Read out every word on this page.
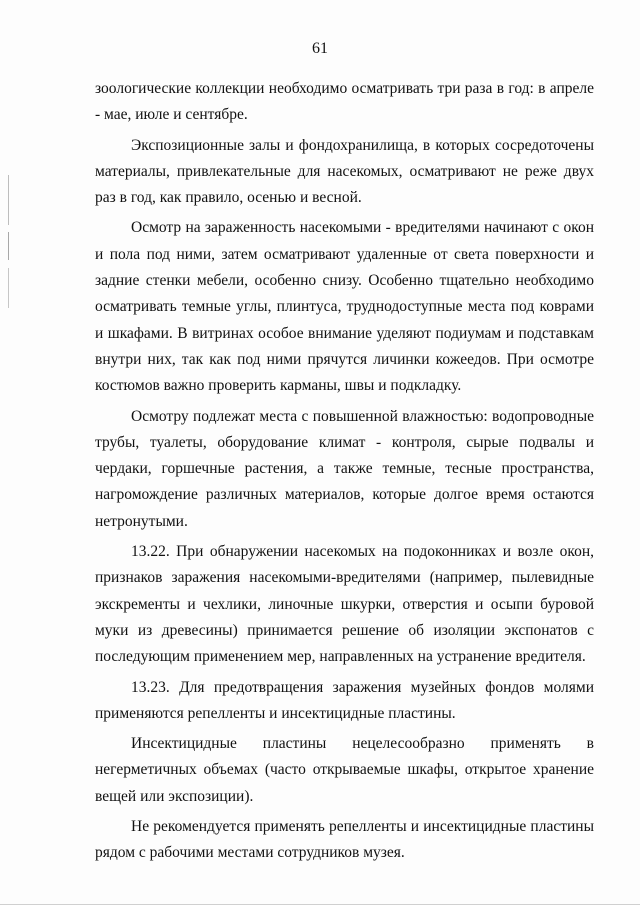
61

зоологические коллекции необходимо осматривать три раза в год: в апреле - мае, июле и сентябре.

Экспозиционные залы и фондохранилища, в которых сосредоточены материалы, привлекательные для насекомых, осматривают не реже двух раз в год, как правило, осенью и весной.

Осмотр на зараженность насекомыми - вредителями начинают с окон и пола под ними, затем осматривают удаленные от света поверхности и задние стенки мебели, особенно снизу. Особенно тщательно необходимо осматривать темные углы, плинтуса, труднодоступные места под коврами и шкафами. В витринах особое внимание уделяют подиумам и подставкам внутри них, так как под ними прячутся личинки кожеедов. При осмотре костюмов важно проверить карманы, швы и подкладку.

Осмотру подлежат места с повышенной влажностью: водопроводные трубы, туалеты, оборудование климат - контроля, сырые подвалы и чердаки, горшечные растения, а также темные, тесные пространства, нагромождение различных материалов, которые долгое время остаются нетронутыми.

13.22. При обнаружении насекомых на подоконниках и возле окон, признаков заражения насекомыми-вредителями (например, пылевидные экскременты и чехлики, линочные шкурки, отверстия и осыпи буровой муки из древесины) принимается решение об изоляции экспонатов с последующим применением мер, направленных на устранение вредителя.

13.23. Для предотвращения заражения музейных фондов молями применяются репелленты и инсектицидные пластины.

Инсектицидные пластины нецелесообразно применять в негерметичных объемах (часто открываемые шкафы, открытое хранение вещей или экспозиции).

Не рекомендуется применять репелленты и инсектицидные пластины рядом с рабочими местами сотрудников музея.
